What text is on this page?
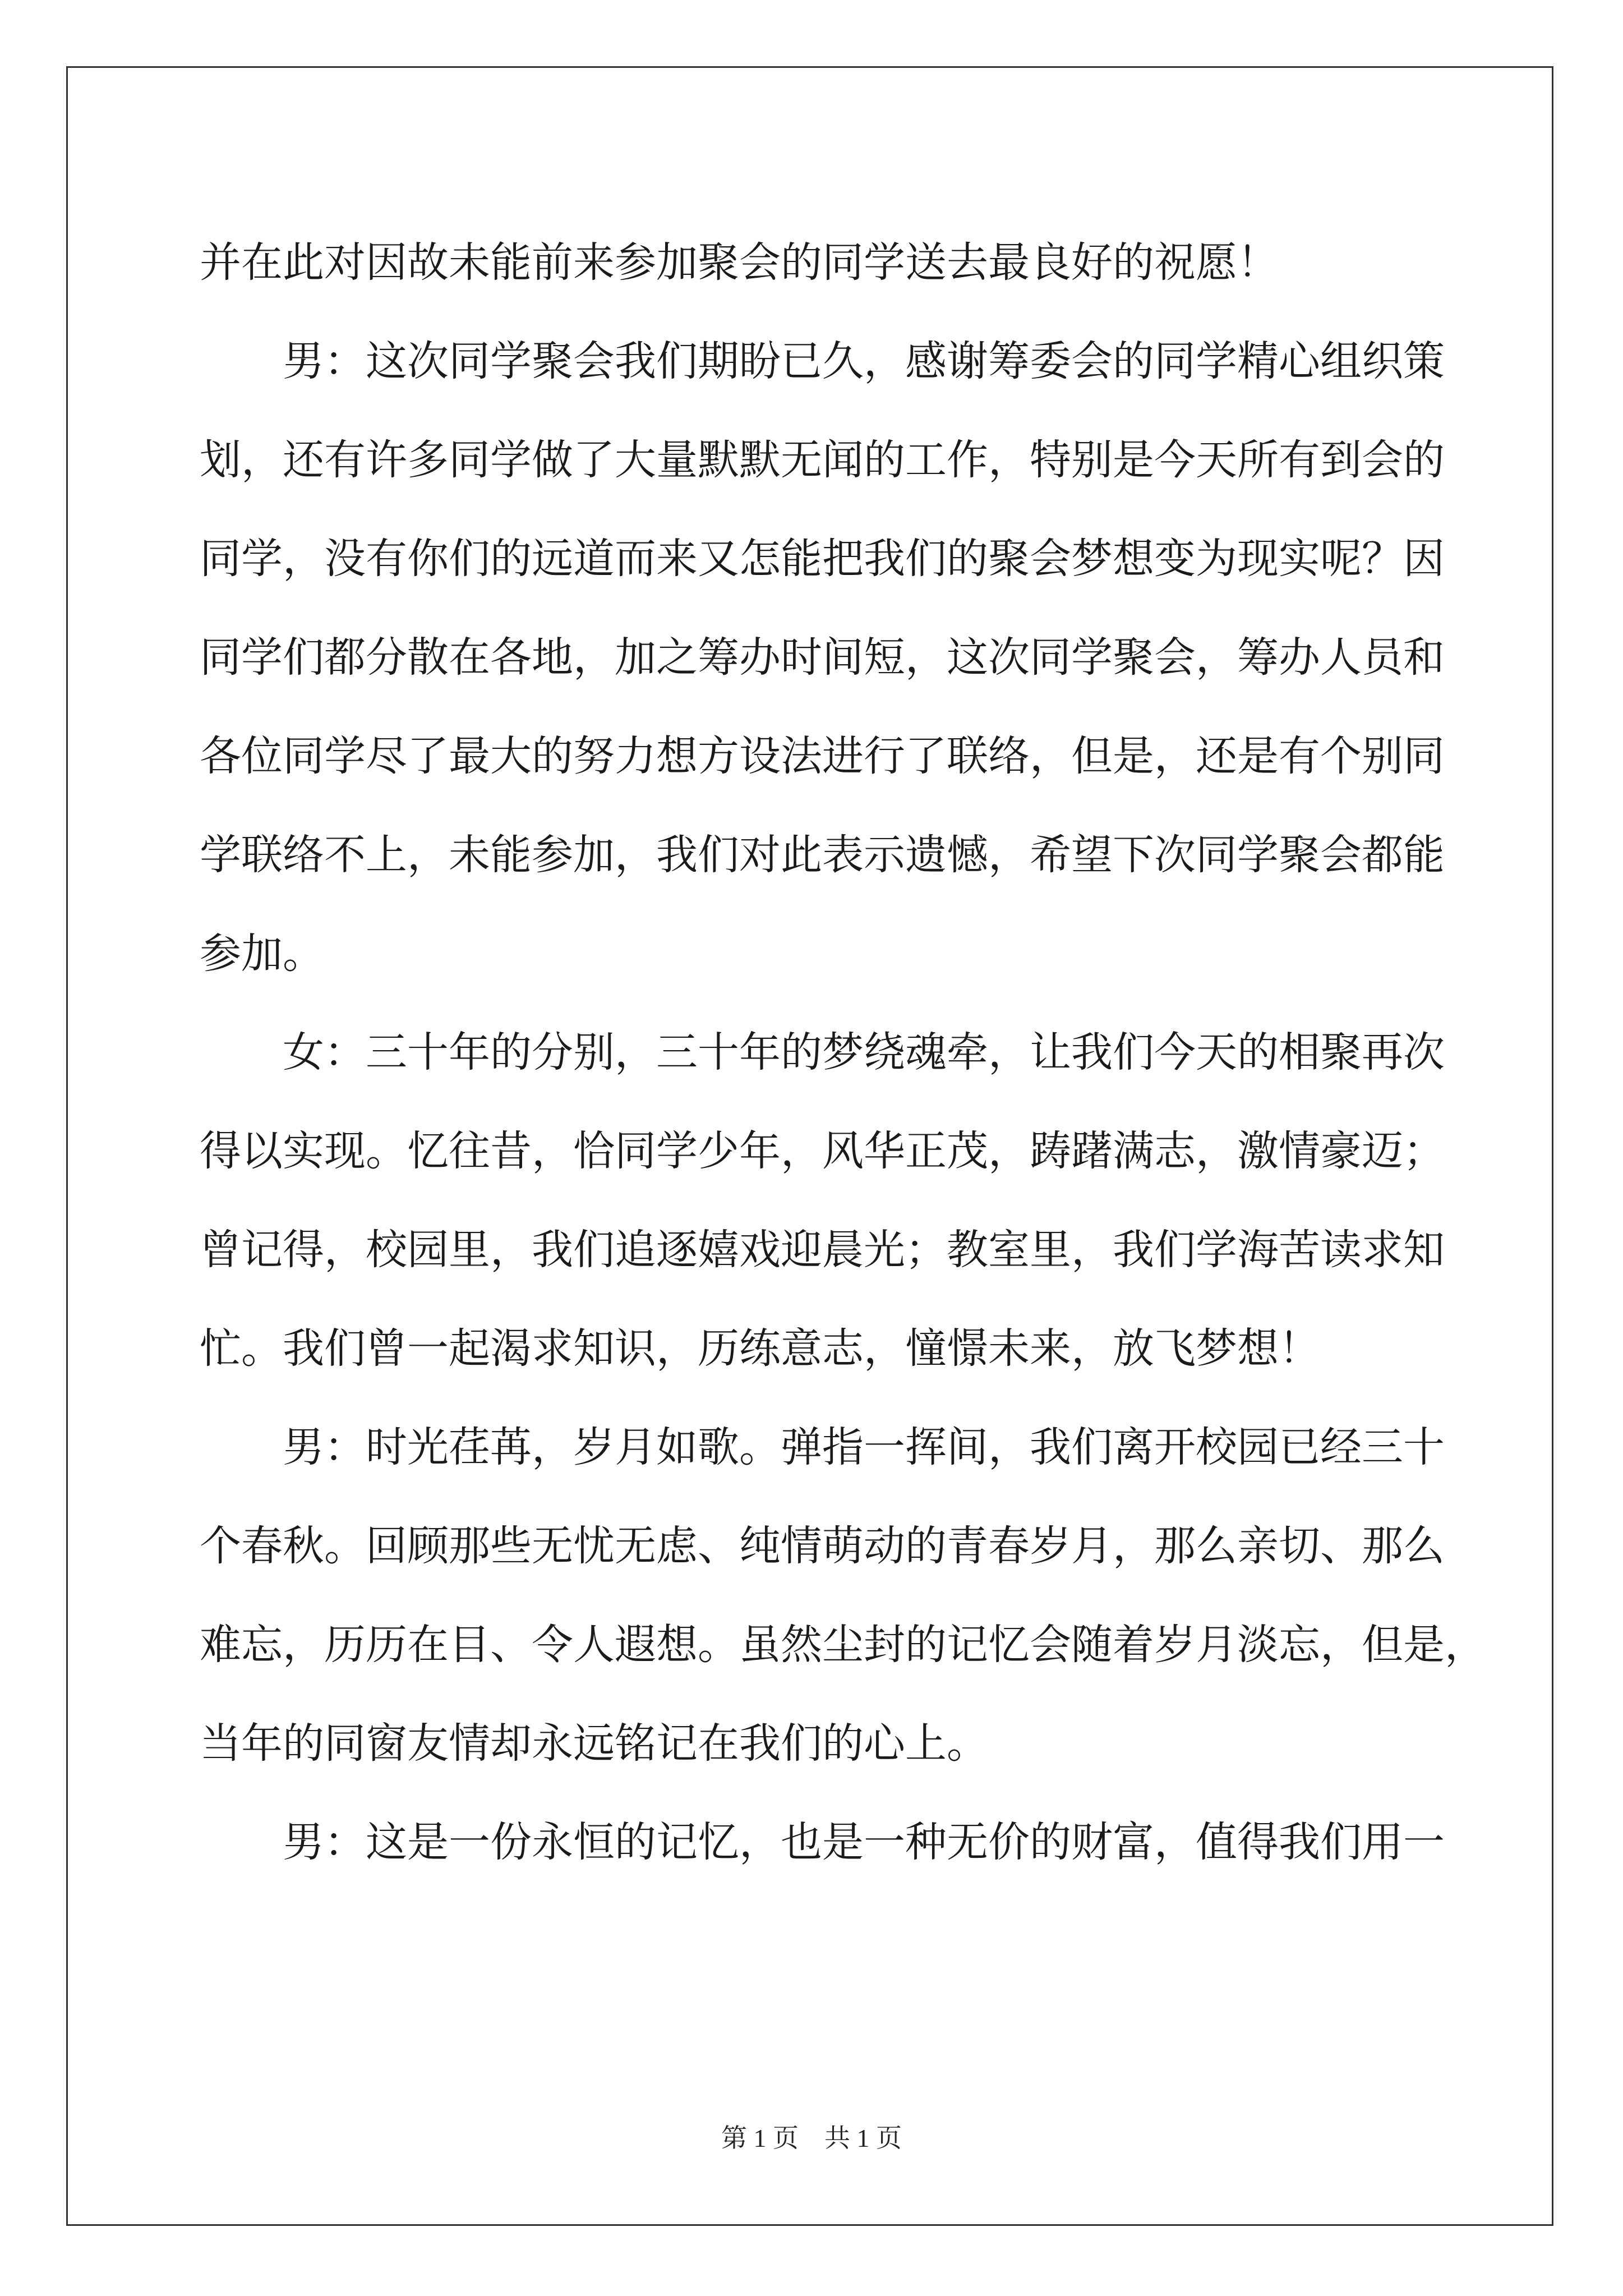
并在此对因故未能前来参加聚会的同学送去最良好的祝愿！
男：这次同学聚会我们期盼已久，感谢筹委会的同学精心组织策
划，还有许多同学做了大量默默无闻的工作，特别是今天所有到会的
同学，没有你们的远道而来又怎能把我们的聚会梦想变为现实呢？因
同学们都分散在各地，加之筹办时间短，这次同学聚会，筹办人员和
各位同学尽了最大的努力想方设法进行了联络，但是，还是有个别同
学联络不上，未能参加，我们对此表示遗憾，希望下次同学聚会都能
参加。
女：三十年的分别，三十年的梦绕魂牵，让我们今天的相聚再次
得以实现。忆往昔，恰同学少年，风华正茂，踌躇满志，激情豪迈；
曾记得，校园里，我们追逐嬉戏迎晨光；教室里，我们学海苦读求知
忙。我们曾一起渴求知识，历练意志，憧憬未来，放飞梦想！
男：时光荏苒，岁月如歌。弹指一挥间，我们离开校园已经三十
个春秋。回顾那些无忧无虑、纯情萌动的青春岁月，那么亲切、那么
难忘，历历在目、令人遐想。虽然尘封的记忆会随着岁月淡忘，但是，
当年的同窗友情却永远铭记在我们的心上。
男：这是一份永恒的记忆，也是一种无价的财富，值得我们用一
第 1 页　共 1 页
